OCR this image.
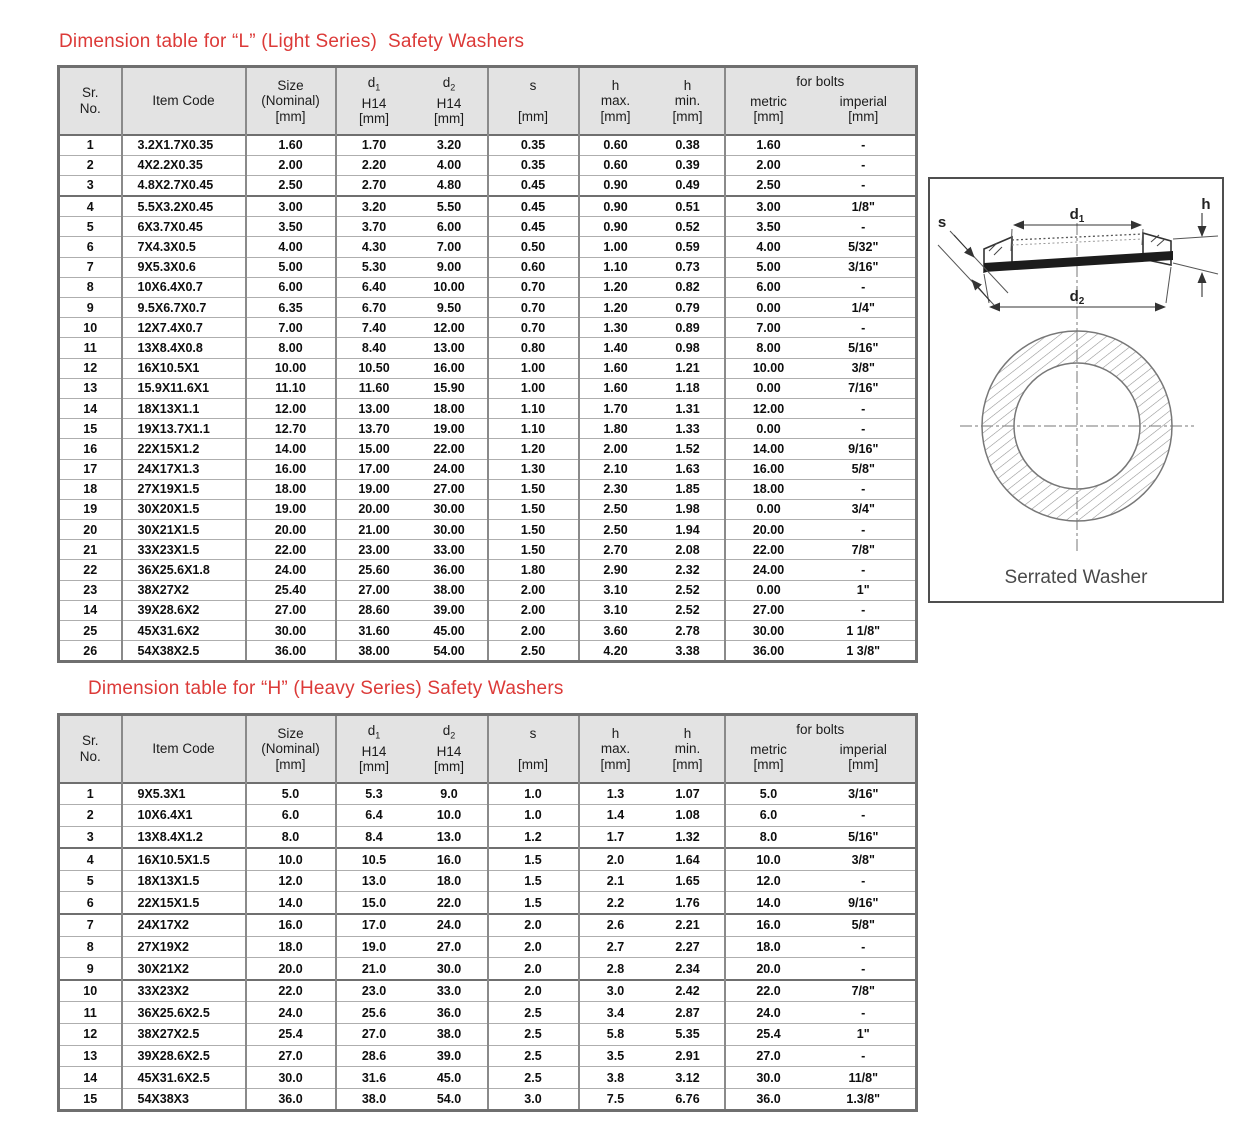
Dimension table for “L” (Light Series)  Safety Washers
Sr.
No.	Item Code	Size
(Nominal)
[mm]	$d_1$
H14
[mm]	$d_2$
H14
[mm]	s
[mm]	h
max.
[mm]	h
min.
[mm]	for bolts	

								metric
[mm]	imperial
[mm]

1	3.2X1.7X0.35	1.60	1.70	3.20	0.35	0.60	0.38	1.60	-
2	4X2.2X0.35	2.00	2.20	4.00	0.35	0.60	0.39	2.00	-
3	4.8X2.7X0.45	2.50	2.70	4.80	0.45	0.90	0.49	2.50	-
4	5.5X3.2X0.45	3.00	3.20	5.50	0.45	0.90	0.51	3.00	1/8"
5	6X3.7X0.45	3.50	3.70	6.00	0.45	0.90	0.52	3.50	-
6	7X4.3X0.5	4.00	4.30	7.00	0.50	1.00	0.59	4.00	5/32"
7	9X5.3X0.6	5.00	5.30	9.00	0.60	1.10	0.73	5.00	3/16"
8	10X6.4X0.7	6.00	6.40	10.00	0.70	1.20	0.82	6.00	-
9	9.5X6.7X0.7	6.35	6.70	9.50	0.70	1.20	0.79	0.00	1/4"
10	12X7.4X0.7	7.00	7.40	12.00	0.70	1.30	0.89	7.00	-
11	13X8.4X0.8	8.00	8.40	13.00	0.80	1.40	0.98	8.00	5/16"
12	16X10.5X1	10.00	10.50	16.00	1.00	1.60	1.21	10.00	3/8"
13	15.9X11.6X1	11.10	11.60	15.90	1.00	1.60	1.18	0.00	7/16"
14	18X13X1.1	12.00	13.00	18.00	1.10	1.70	1.31	12.00	-
15	19X13.7X1.1	12.70	13.70	19.00	1.10	1.80	1.33	0.00	-
16	22X15X1.2	14.00	15.00	22.00	1.20	2.00	1.52	14.00	9/16"
17	24X17X1.3	16.00	17.00	24.00	1.30	2.10	1.63	16.00	5/8"
18	27X19X1.5	18.00	19.00	27.00	1.50	2.30	1.85	18.00	-
19	30X20X1.5	19.00	20.00	30.00	1.50	2.50	1.98	0.00	3/4"
20	30X21X1.5	20.00	21.00	30.00	1.50	2.50	1.94	20.00	-
21	33X23X1.5	22.00	23.00	33.00	1.50	2.70	2.08	22.00	7/8"
22	36X25.6X1.8	24.00	25.60	36.00	1.80	2.90	2.32	24.00	-
23	38X27X2	25.40	27.00	38.00	2.00	3.10	2.52	0.00	1"
14	39X28.6X2	27.00	28.60	39.00	2.00	3.10	2.52	27.00	-
25	45X31.6X2	30.00	31.60	45.00	2.00	3.60	2.78	30.00	1 1/8"
26	54X38X2.5	36.00	38.00	54.00	2.50	4.20	3.38	36.00	1 3/8"
Dimension table for “H” (Heavy Series) Safety Washers
Sr.
No.	Item Code	Size
(Nominal)
[mm]	$d_1$
H14
[mm]	$d_2$
H14
[mm]	s
[mm]	h
max.
[mm]	h
min.
[mm]	for bolts	

								metric
[mm]	imperial
[mm]

1	9X5.3X1	5.0	5.3	9.0	1.0	1.3	1.07	5.0	3/16"
2	10X6.4X1	6.0	6.4	10.0	1.0	1.4	1.08	6.0	-
3	13X8.4X1.2	8.0	8.4	13.0	1.2	1.7	1.32	8.0	5/16"
4	16X10.5X1.5	10.0	10.5	16.0	1.5	2.0	1.64	10.0	3/8"
5	18X13X1.5	12.0	13.0	18.0	1.5	2.1	1.65	12.0	-
6	22X15X1.5	14.0	15.0	22.0	1.5	2.2	1.76	14.0	9/16"
7	24X17X2	16.0	17.0	24.0	2.0	2.6	2.21	16.0	5/8"
8	27X19X2	18.0	19.0	27.0	2.0	2.7	2.27	18.0	-
9	30X21X2	20.0	21.0	30.0	2.0	2.8	2.34	20.0	-
10	33X23X2	22.0	23.0	33.0	2.0	3.0	2.42	22.0	7/8"
11	36X25.6X2.5	24.0	25.6	36.0	2.5	3.4	2.87	24.0	-
12	38X27X2.5	25.4	27.0	38.0	2.5	5.8	5.35	25.4	1"
13	39X28.6X2.5	27.0	28.6	39.0	2.5	3.5	2.91	27.0	-
14	45X31.6X2.5	30.0	31.6	45.0	2.5	3.8	3.12	30.0	11/8"
15	54X38X3	36.0	38.0	54.0	3.0	7.5	6.76	36.0	1.3/8"
$d_1$
$d_2$
h
s
Serrated Washer
